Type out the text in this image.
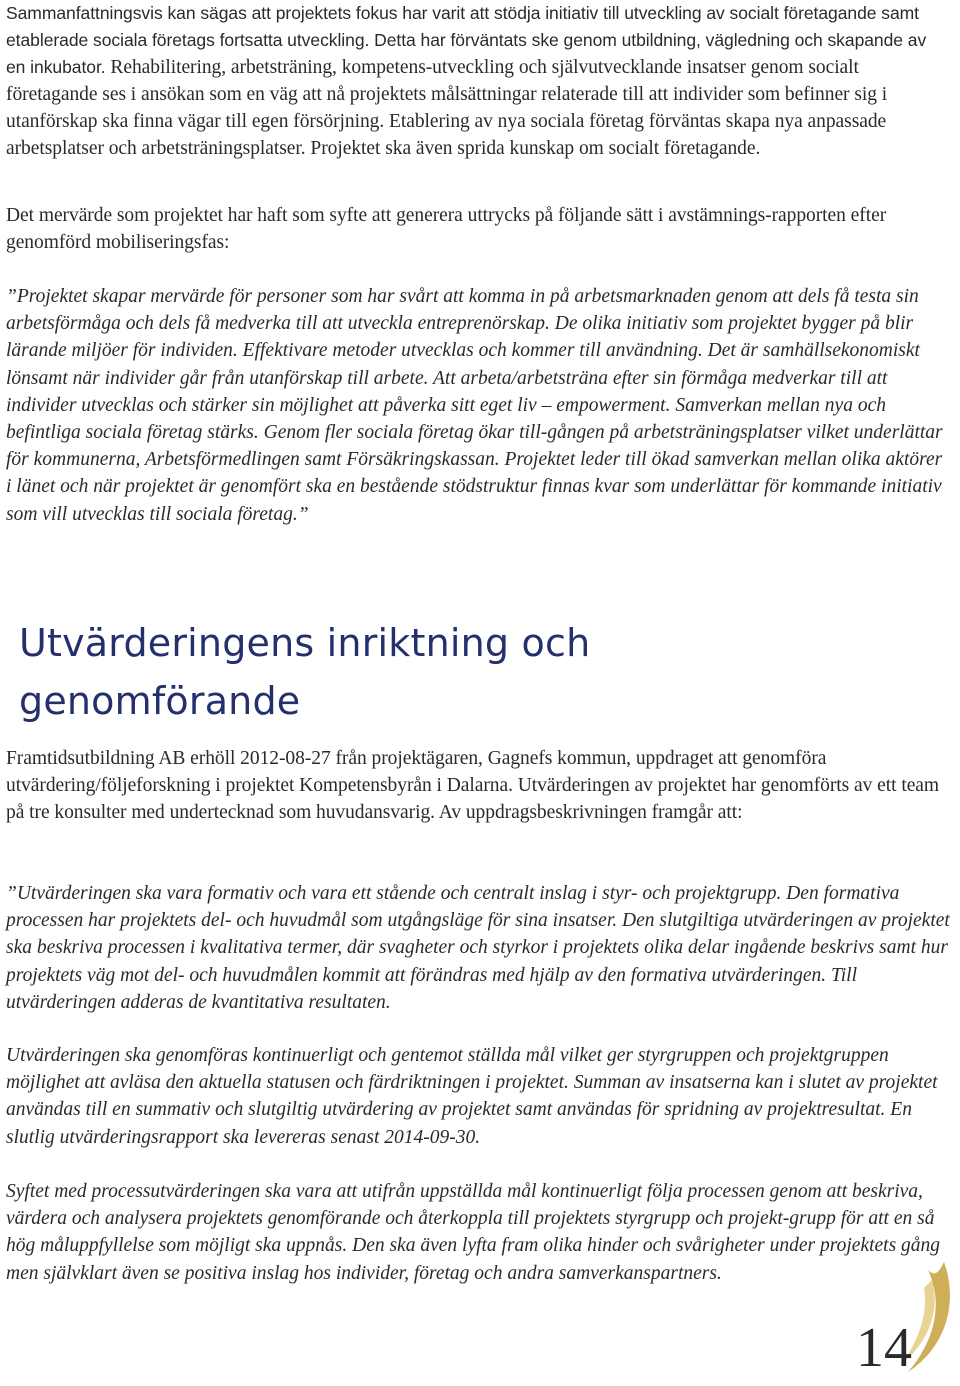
Sammanfattningsvis kan sägas att projektets fokus har varit att stödja initiativ till utveckling av socialt företagande samt etablerade sociala företags fortsatta utveckling. Detta har förväntats ske genom utbildning, vägledning och skapande av en inkubator. Rehabilitering, arbetsträning, kompetens-utveckling och självutvecklande insatser genom socialt företagande ses i ansökan som en väg att nå projektets målsättningar relaterade till att individer som befinner sig i utanförskap ska finna vägar till egen försörjning. Etablering av nya sociala företag förväntas skapa nya anpassade arbetsplatser och arbetsträningsplatser. Projektet ska även sprida kunskap om socialt företagande.

Det mervärde som projektet har haft som syfte att generera uttrycks på följande sätt i avstämnings-rapporten efter genomförd mobiliseringsfas:

”Projektet skapar mervärde för personer som har svårt att komma in på arbetsmarknaden genom att dels få testa sin arbetsförmåga och dels få medverka till att utveckla entreprenörskap. De olika initiativ som projektet bygger på blir lärande miljöer för individen. Effektivare metoder utvecklas och kommer till användning. Det är samhällsekonomiskt lönsamt när individer går från utanförskap till arbete. Att arbeta/arbetsträna efter sin förmåga medverkar till att individer utvecklas och stärker sin möjlighet att påverka sitt eget liv – empowerment. Samverkan mellan nya och befintliga sociala företag stärks. Genom fler sociala företag ökar till-gången på arbetsträningsplatser vilket underlättar för kommunerna, Arbetsförmedlingen samt Försäkringskassan. Projektet leder till ökad samverkan mellan olika aktörer i länet och när projektet är genomfört ska en bestående stödstruktur finnas kvar som underlättar för kommande initiativ som vill utvecklas till sociala företag.”

Utvärderingens inriktning och
genomförande

Framtidsutbildning AB erhöll 2012-08-27 från projektägaren, Gagnefs kommun, uppdraget att genomföra utvärdering/följeforskning i projektet Kompetensbyrån i Dalarna. Utvärderingen av projektet har genomförts av ett team på tre konsulter med undertecknad som huvudansvarig. Av uppdragsbeskrivningen framgår att:

”Utvärderingen ska vara formativ och vara ett stående och centralt inslag i styr- och projektgrupp. Den formativa processen har projektets del- och huvudmål som utgångsläge för sina insatser. Den slutgiltiga utvärderingen av projektet ska beskriva processen i kvalitativa termer, där svagheter och styrkor i projektets olika delar ingående beskrivs samt hur projektets väg mot del- och huvudmålen kommit att förändras med hjälp av den formativa utvärderingen. Till utvärderingen adderas de kvantitativa resultaten.

Utvärderingen ska genomföras kontinuerligt och gentemot ställda mål vilket ger styrgruppen och projektgruppen möjlighet att avläsa den aktuella statusen och färdriktningen i projektet. Summan av insatserna kan i slutet av projektet användas till en summativ och slutgiltig utvärdering av projektet samt användas för spridning av projektresultat. En slutlig utvärderingsrapport ska levereras senast 2014-09-30.

Syftet med processutvärderingen ska vara att utifrån uppställda mål kontinuerligt följa processen genom att beskriva, värdera och analysera projektets genomförande och återkoppla till projektets styrgrupp och projekt-grupp för att en så hög måluppfyllelse som möjligt ska uppnås. Den ska även lyfta fram olika hinder och svårigheter under projektets gång men självklart även se positiva inslag hos individer, företag och andra samverkanspartners.

14
